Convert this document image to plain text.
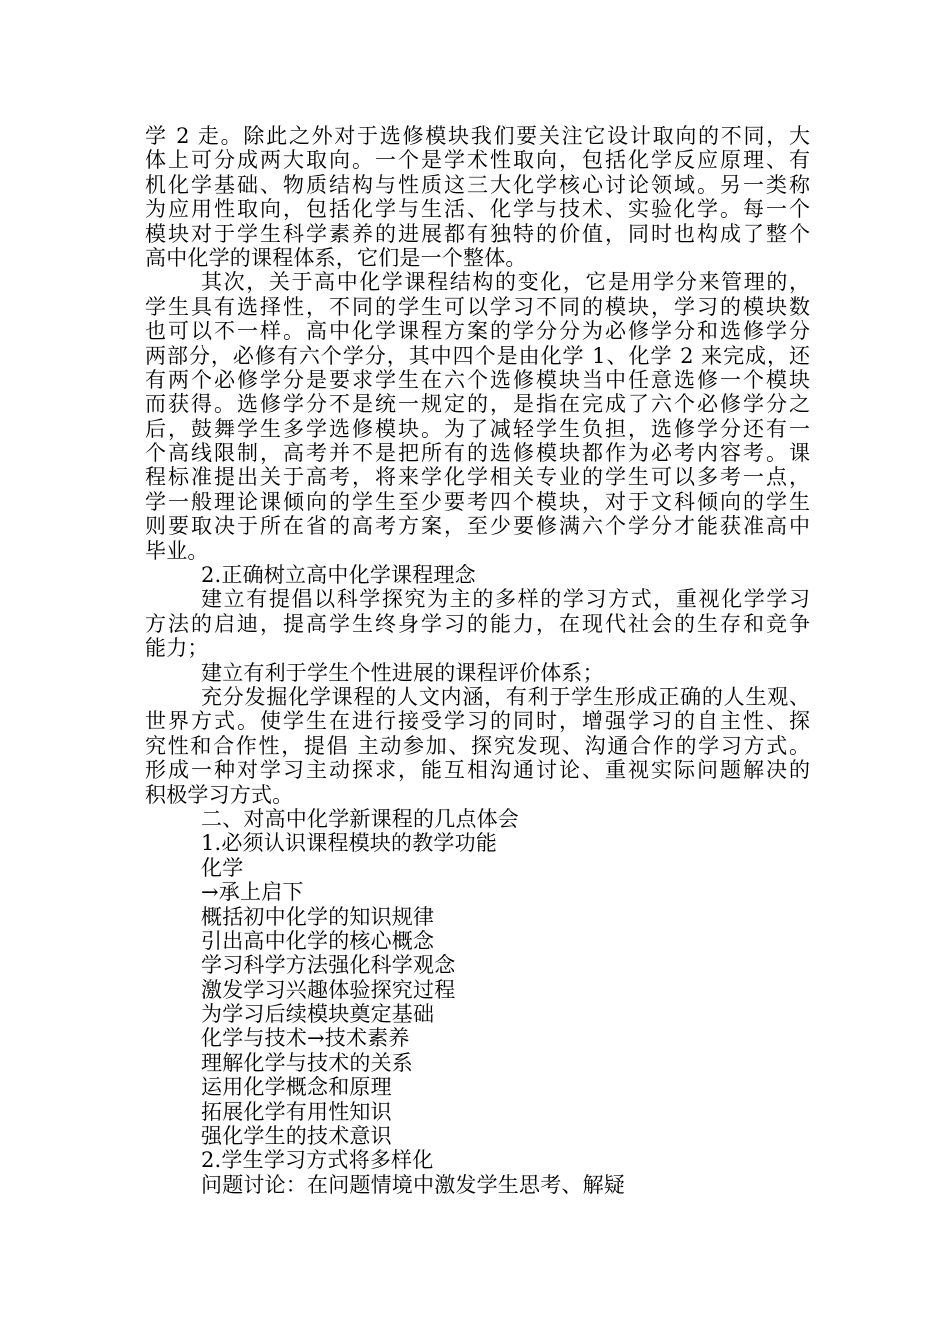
学 2 走。除此之外对于选修模块我们要关注它设计取向的不同，大
体上可分成两大取向。一个是学术性取向，包括化学反应原理、有
机化学基础、物质结构与性质这三大化学核心讨论领域。另一类称
为应用性取向，包括化学与生活、化学与技术、实验化学。每一个
模块对于学生科学素养的进展都有独特的价值，同时也构成了整个
高中化学的课程体系，它们是一个整体。
其次，关于高中化学课程结构的变化，它是用学分来管理的，
学生具有选择性，不同的学生可以学习不同的模块，学习的模块数
也可以不一样。高中化学课程方案的学分分为必修学分和选修学分
两部分，必修有六个学分，其中四个是由化学 1、化学 2 来完成，还
有两个必修学分是要求学生在六个选修模块当中任意选修一个模块
而获得。选修学分不是统一规定的，是指在完成了六个必修学分之
后，鼓舞学生多学选修模块。为了减轻学生负担，选修学分还有一
个高线限制，高考并不是把所有的选修模块都作为必考内容考。课
程标准提出关于高考，将来学化学相关专业的学生可以多考一点，
学一般理论课倾向的学生至少要考四个模块，对于文科倾向的学生
则要取决于所在省的高考方案，至少要修满六个学分才能获准高中
毕业。
2.正确树立高中化学课程理念
建立有提倡以科学探究为主的多样的学习方式，重视化学学习
方法的启迪，提高学生终身学习的能力，在现代社会的生存和竞争
能力；
建立有利于学生个性进展的课程评价体系；
充分发掘化学课程的人文内涵，有利于学生形成正确的人生观、
世界方式。使学生在进行接受学习的同时，增强学习的自主性、探
究性和合作性，提倡 主动参加、探究发现、沟通合作的学习方式。
形成一种对学习主动探求，能互相沟通讨论、重视实际问题解决的
积极学习方式。
二、对高中化学新课程的几点体会
1.必须认识课程模块的教学功能
化学
→承上启下
概括初中化学的知识规律
引出高中化学的核心概念
学习科学方法强化科学观念
激发学习兴趣体验探究过程
为学习后续模块奠定基础
化学与技术→技术素养
理解化学与技术的关系
运用化学概念和原理
拓展化学有用性知识
强化学生的技术意识
2.学生学习方式将多样化
问题讨论：在问题情境中激发学生思考、解疑
